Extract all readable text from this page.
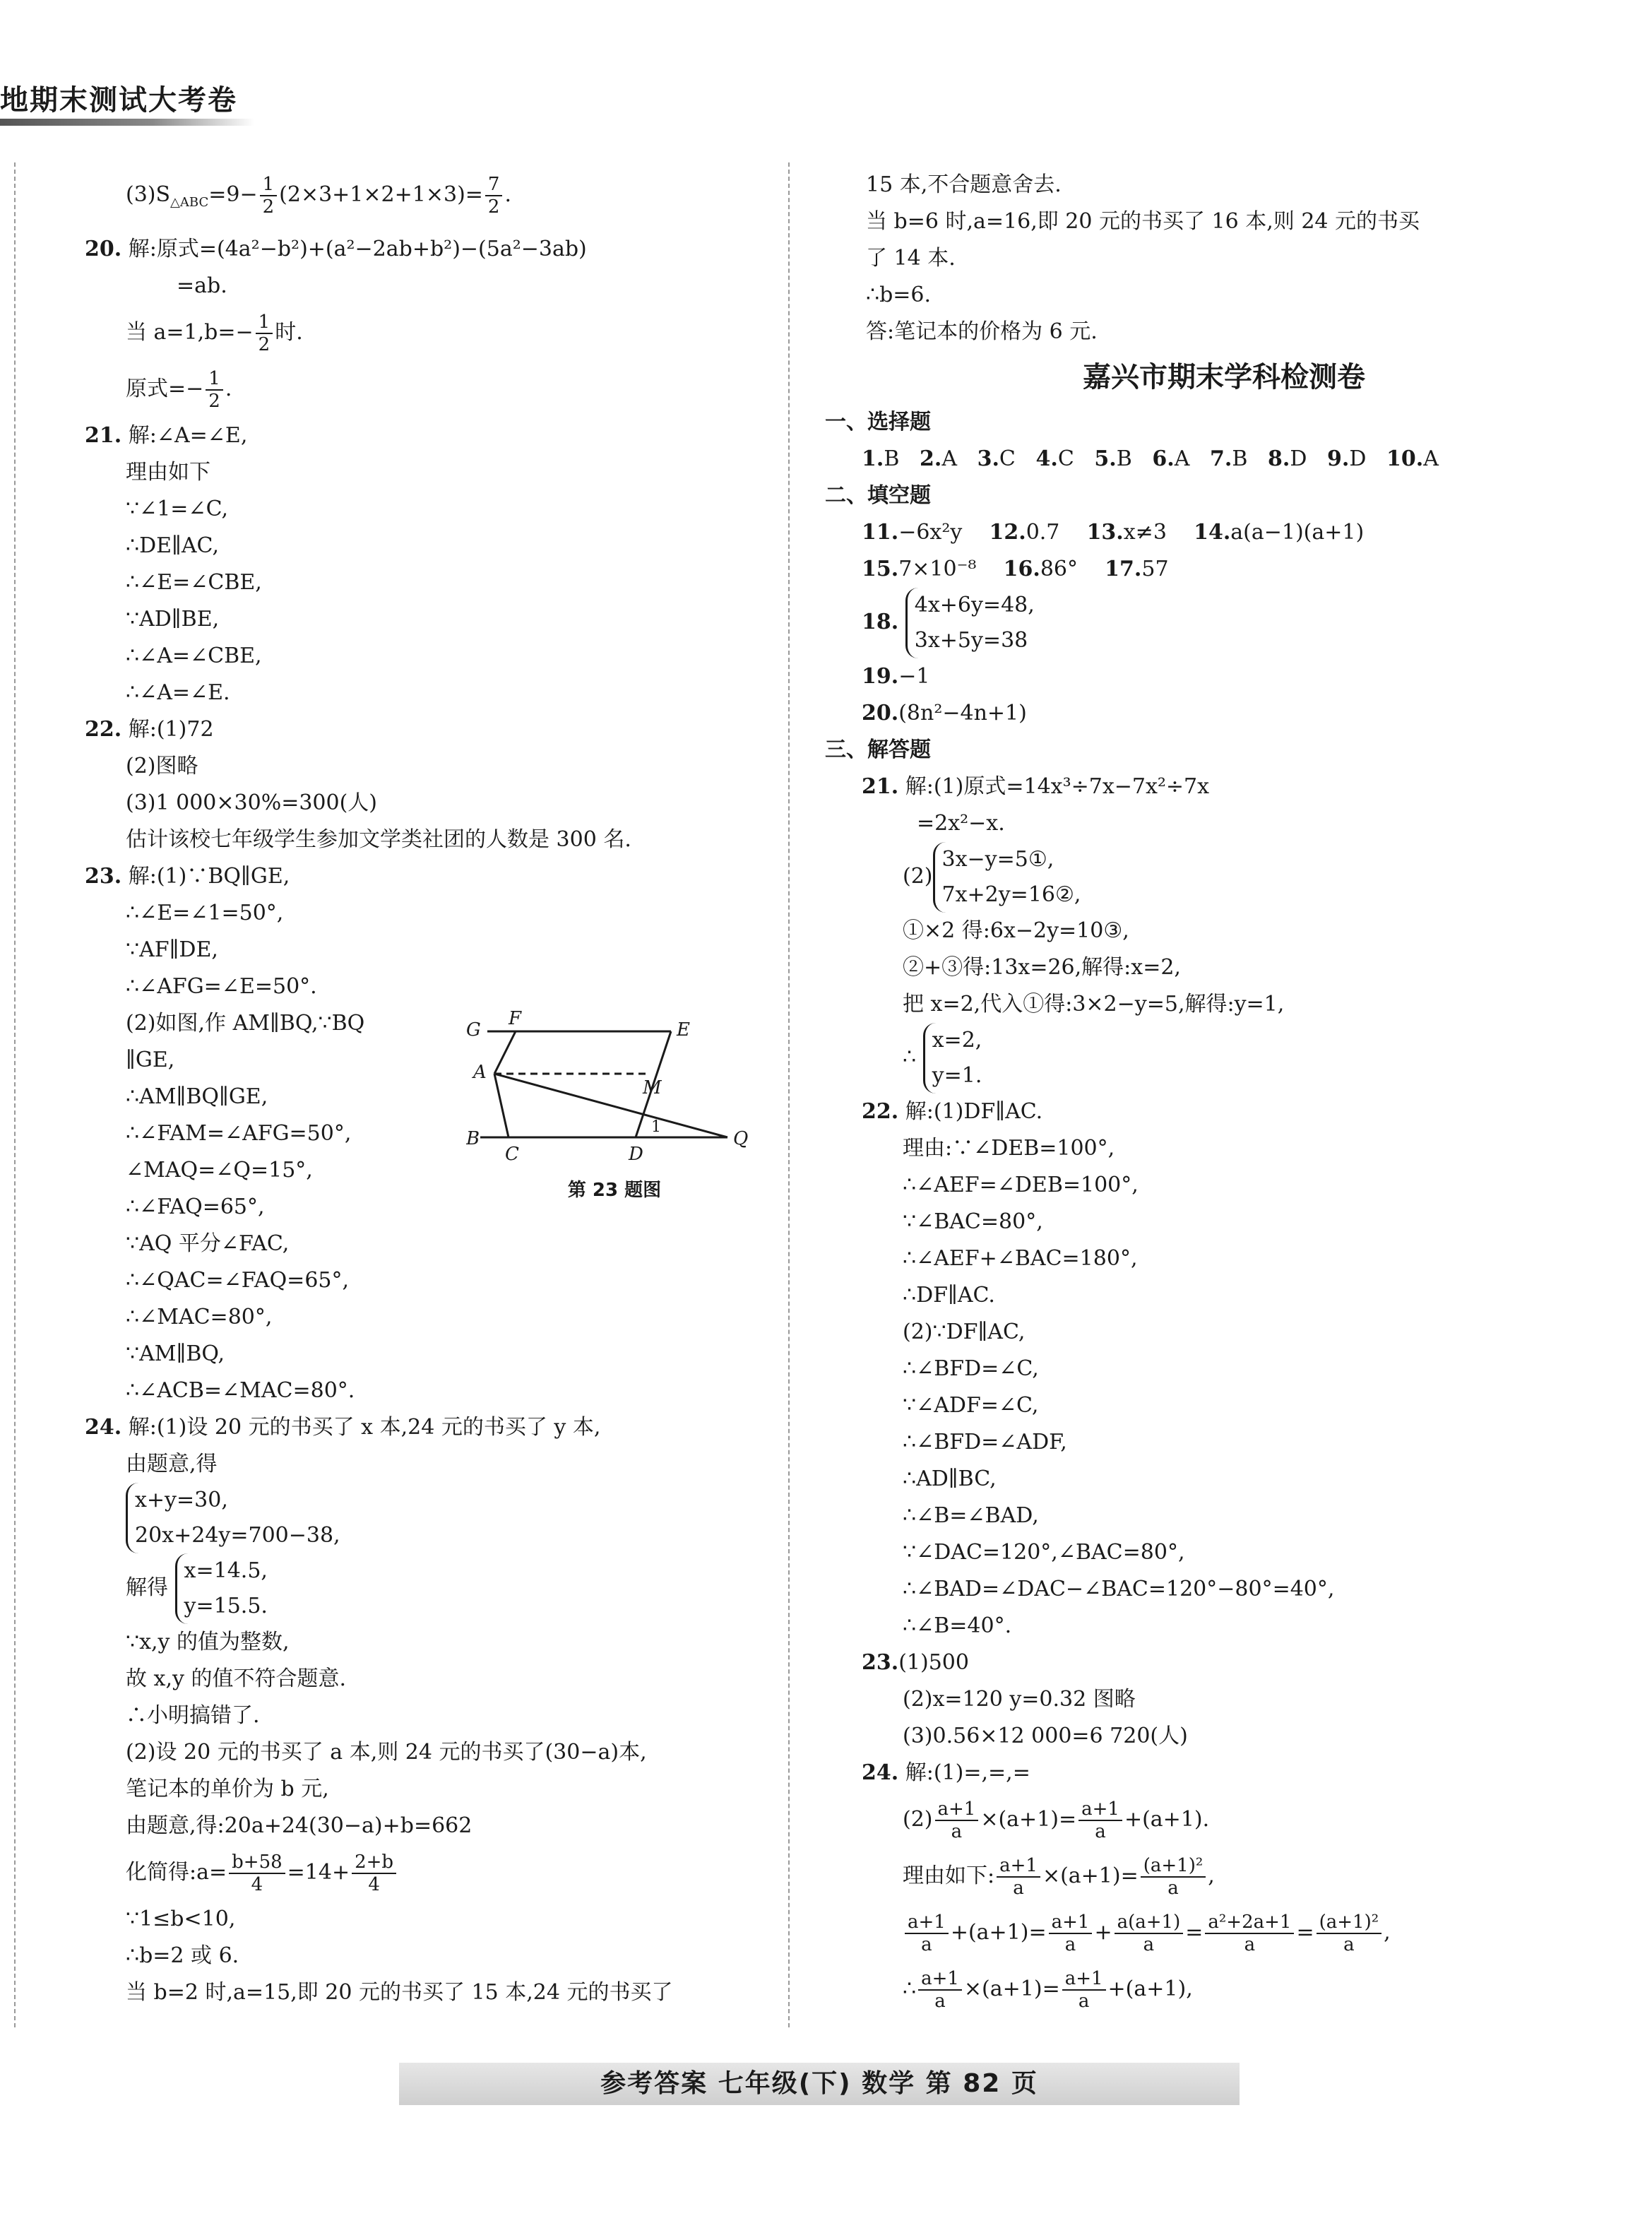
地期末测试大考卷
$(3)S_{\triangle ABC}=9- \frac{1}{2} (2\times 3+1\times 2+1\times 3)= \frac{7}{2}$ .
20. 解:原式=(4a²−b²)+(a²−2ab+b²)−(5a²−3ab)
=ab.
当 $a=1,b=- \frac{1}{2}$ 时.
原式=− $\frac{1}{2}$ .
21. 解:∠A=∠E,
理由如下
∵∠1=∠C,
∴DE∥AC,
∴∠E=∠CBE,
∵AD∥BE,
∴∠A=∠CBE,
∴∠A=∠E.
22. 解:(1)72
(2)图略
(3)1 000×30%=300(人)
估计该校七年级学生参加文学类社团的人数是 300 名.
23. 解:(1)∵BQ∥GE,
∴∠E=∠1=50°,
∵AF∥DE,
∴∠AFG=∠E=50°.
(2)如图,作 AM∥BQ,∵BQ
∥GE,
∴AM∥BQ∥GE,
∴∠FAM=∠AFG=50°,
∠MAQ=∠Q=15°,
∴∠FAQ=65°,
∵AQ 平分∠FAC,
∴∠QAC=∠FAQ=65°,
∴∠MAC=80°,
∵AM∥BQ,
∴∠ACB=∠MAC=80°.
24. 解:(1)设 20 元的书买了 x 本,24 元的书买了 y 本,
由题意,得
x+y=30,
20x+24y=700−38,
解得
x=14.5,
y=15.5.
∵x,y 的值为整数,
故 x,y 的值不符合题意.
∴小明搞错了.
(2)设 20 元的书买了 a 本,则 24 元的书买了(30−a)本,
笔记本的单价为 b 元,
由题意,得:20a+24(30−a)+b=662
化简得:a= $\frac{b+58}{4} =14+ \frac{2+b}{4}$
∵1≤b<10,
∴b=2 或 6.
当 b=2 时,a=15,即 20 元的书买了 15 本,24 元的书买了
G
F
E
A
M
B
C	D
1
Q
第 23 题图
15 本,不合题意舍去.
当 b=6 时,a=16,即 20 元的书买了 16 本,则 24 元的书买
了 14 本.
∴b=6.
答:笔记本的价格为 6 元.
嘉兴市期末学科检测卷
一、选择题
1.B 2.A 3.C 4.C 5.B 6.A 7.B 8.D 9.D 10.A
二、填空题
11.−6x²y 12.0.7 13.x≠3 14.a(a−1)(a+1)
15.7×10⁻⁸ 16.86° 17.57
18.
4x+6y=48,
3x+5y=38
19.−1
20.(8n²−4n+1)
三、解答题
21. 解:(1)原式=14x³÷7x−7x²÷7x
=2x²−x.
(2)
3x−y=5①,
7x+2y=16②,
①×2 得:6x−2y=10③,
②+③得:13x=26,解得:x=2,
把 x=2,代入①得:3×2−y=5,解得:y=1,
∴
x=2,
y=1.
22. 解:(1)DF∥AC.
理由:∵∠DEB=100°,
∴∠AEF=∠DEB=100°,
∵∠BAC=80°,
∴∠AEF+∠BAC=180°,
∴DF∥AC.
(2)∵DF∥AC,
∴∠BFD=∠C,
∵∠ADF=∠C,
∴∠BFD=∠ADF,
∴AD∥BC,
∴∠B=∠BAD,
∵∠DAC=120°,∠BAC=80°,
∴∠BAD=∠DAC−∠BAC=120°−80°=40°,
∴∠B=40°.
23.(1)500
(2)x=120 y=0.32 图略
(3)0.56×12 000=6 720(人)
24. 解:(1)=,=,=
$(2) \frac{a+1}{a} \times(a+1)= \frac{a+1}{a} +(a+1)$.
理由如下: $\frac{a+1}{a} \times(a+1)= \frac{\text{(a+1)²}}{a}$ ,
$\frac{a+1}{a} +(a+1)= \frac{a+1}{a} + \frac{a(a+1)}{a} = \frac{\text{a²+2a+1}}{a} = \frac{\text{(a+1)²}}{a}$ ,
∴ $\frac{a+1}{a} \times(a+1)= \frac{a+1}{a} +(a+1)$,
参考答案 七年级(下) 数学 第 82 页
